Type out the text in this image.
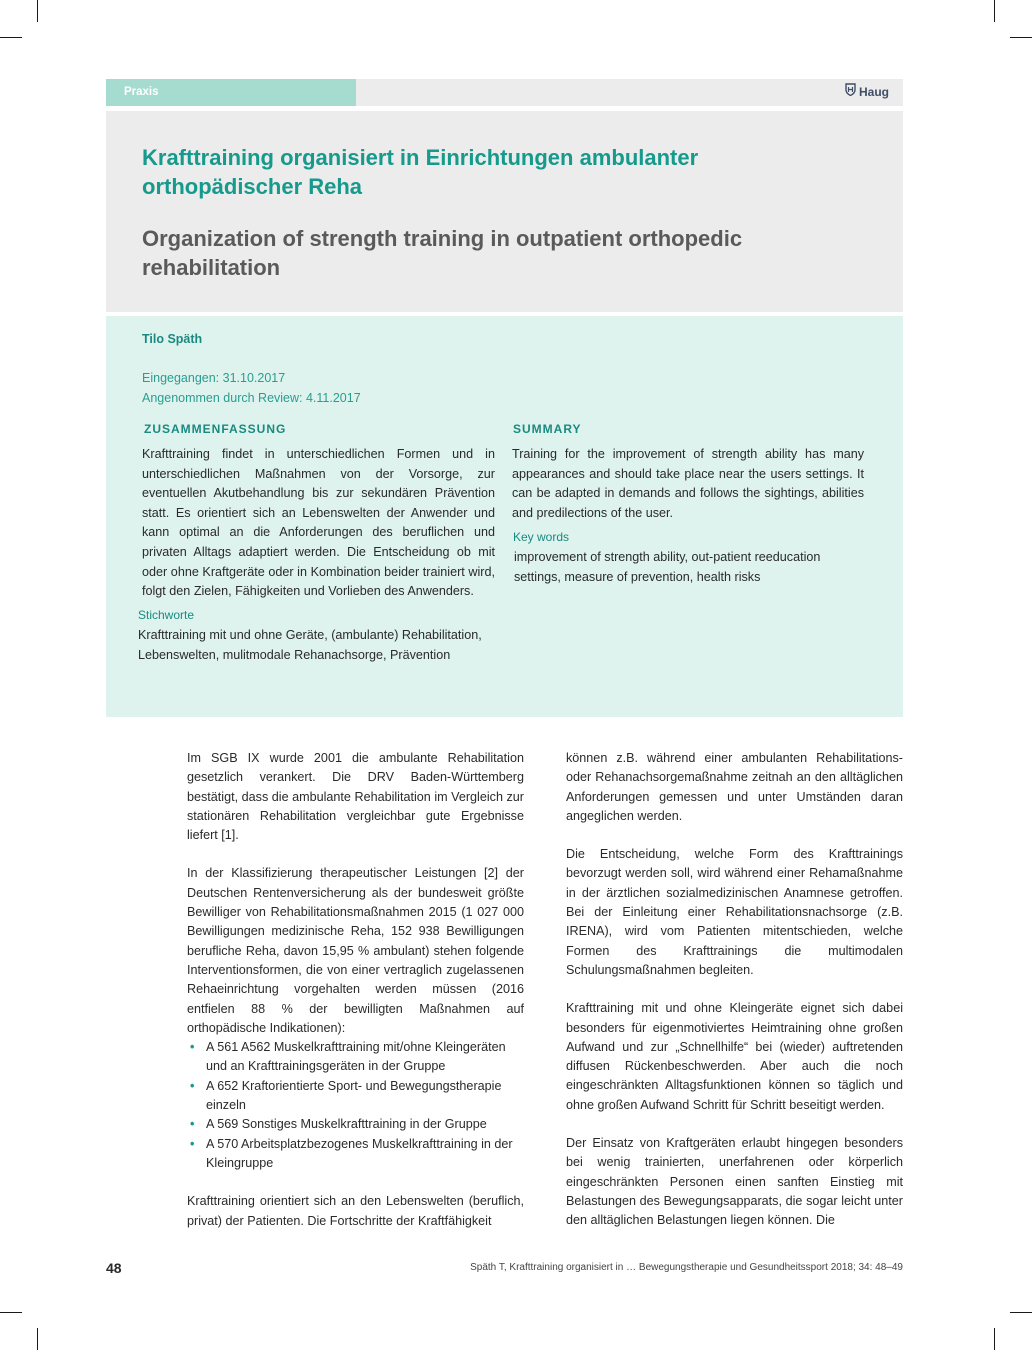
Praxis	Haug
Krafttraining organisiert in Einrichtungen ambulanter orthopädischer Reha
Organization of strength training in outpatient orthopedic rehabilitation
Tilo Späth
Eingegangen: 31.10.2017
Angenommen durch Review: 4.11.2017
ZUSAMMENFASSUNG

Krafttraining findet in unterschiedlichen Formen und in unterschiedlichen Maßnahmen von der Vorsorge, zur eventuellen Akutbehandlung bis zur sekundären Prävention statt. Es orientiert sich an Lebenswelten der Anwender und kann optimal an die Anforderungen des beruflichen und privaten Alltags adaptiert werden. Die Entscheidung ob mit oder ohne Kraftgeräte oder in Kombination beider trainiert wird, folgt den Zielen, Fähigkeiten und Vorlieben des Anwenders.

Stichworte

Krafttraining mit und ohne Geräte, (ambulante) Rehabilitation, Lebenswelten, mulitmodale Rehanachsorge, Prävention

SUMMARY

Training for the improvement of strength ability has many appearances and should take place near the users settings. It can be adapted in demands and follows the sightings, abilities and predilections of the user.

Key words

improvement of strength ability, out-patient reeducation settings, measure of prevention, health risks

Im SGB IX wurde 2001 die ambulante Rehabilitation gesetzlich verankert. Die DRV Baden-Württemberg bestätigt, dass die ambulante Rehabilitation im Vergleich zur stationären Rehabilitation vergleichbar gute Ergebnisse liefert [1].

In der Klassifizierung therapeutischer Leistungen [2] der Deutschen Rentenversicherung als der bundesweit größte Bewilliger von Rehabilitationsmaßnahmen 2015 (1 027 000 Bewilligungen medizinische Reha, 152 938 Bewilligungen berufliche Reha, davon 15,95 % ambulant) stehen folgende Interventionsformen, die von einer vertraglich zugelassenen Rehaeinrichtung vorgehalten werden müssen (2016 entfielen 88 % der bewilligten Maßnahmen auf orthopädische Indikationen):

• A 561 A562 Muskelkrafttraining mit/ohne Kleingeräten und an Krafttrainingsgeräten in der Gruppe
• A 652 Kraftorientierte Sport- und Bewegungstherapie einzeln
• A 569 Sonstiges Muskelkrafttraining in der Gruppe
• A 570 Arbeitsplatzbezogenes Muskelkrafttraining in der Kleingruppe

Krafttraining orientiert sich an den Lebenswelten (beruflich, privat) der Patienten. Die Fortschritte der Kraftfähigkeit

können z.B. während einer ambulanten Rehabilitations- oder Rehanachsorgemaßnahme zeitnah an den alltäglichen Anforderungen gemessen und unter Umständen daran angeglichen werden.

Die Entscheidung, welche Form des Krafttrainings bevorzugt werden soll, wird während einer Rehamaßnahme in der ärztlichen sozialmedizinischen Anamnese getroffen. Bei der Einleitung einer Rehabilitationsnachsorge (z.B. IRENA), wird vom Patienten mitentschieden, welche Formen des Krafttrainings die multimodalen Schulungsmaßnahmen begleiten.

Krafttraining mit und ohne Kleingeräte eignet sich dabei besonders für eigenmotiviertes Heimtraining ohne großen Aufwand und zur „Schnellhilfe“ bei (wieder) auftretenden diffusen Rückenbeschwerden. Aber auch die noch eingeschränkten Alltagsfunktionen können so täglich und ohne großen Aufwand Schritt für Schritt beseitigt werden.

Der Einsatz von Kraftgeräten erlaubt hingegen besonders bei wenig trainierten, unerfahrenen oder körperlich eingeschränkten Personen einen sanften Einstieg mit Belastungen des Bewegungsapparats, die sogar leicht unter den alltäglichen Belastungen liegen können. Die

48	Späth T, Krafttraining organisiert in … Bewegungstherapie und Gesundheitssport 2018; 34: 48–49
